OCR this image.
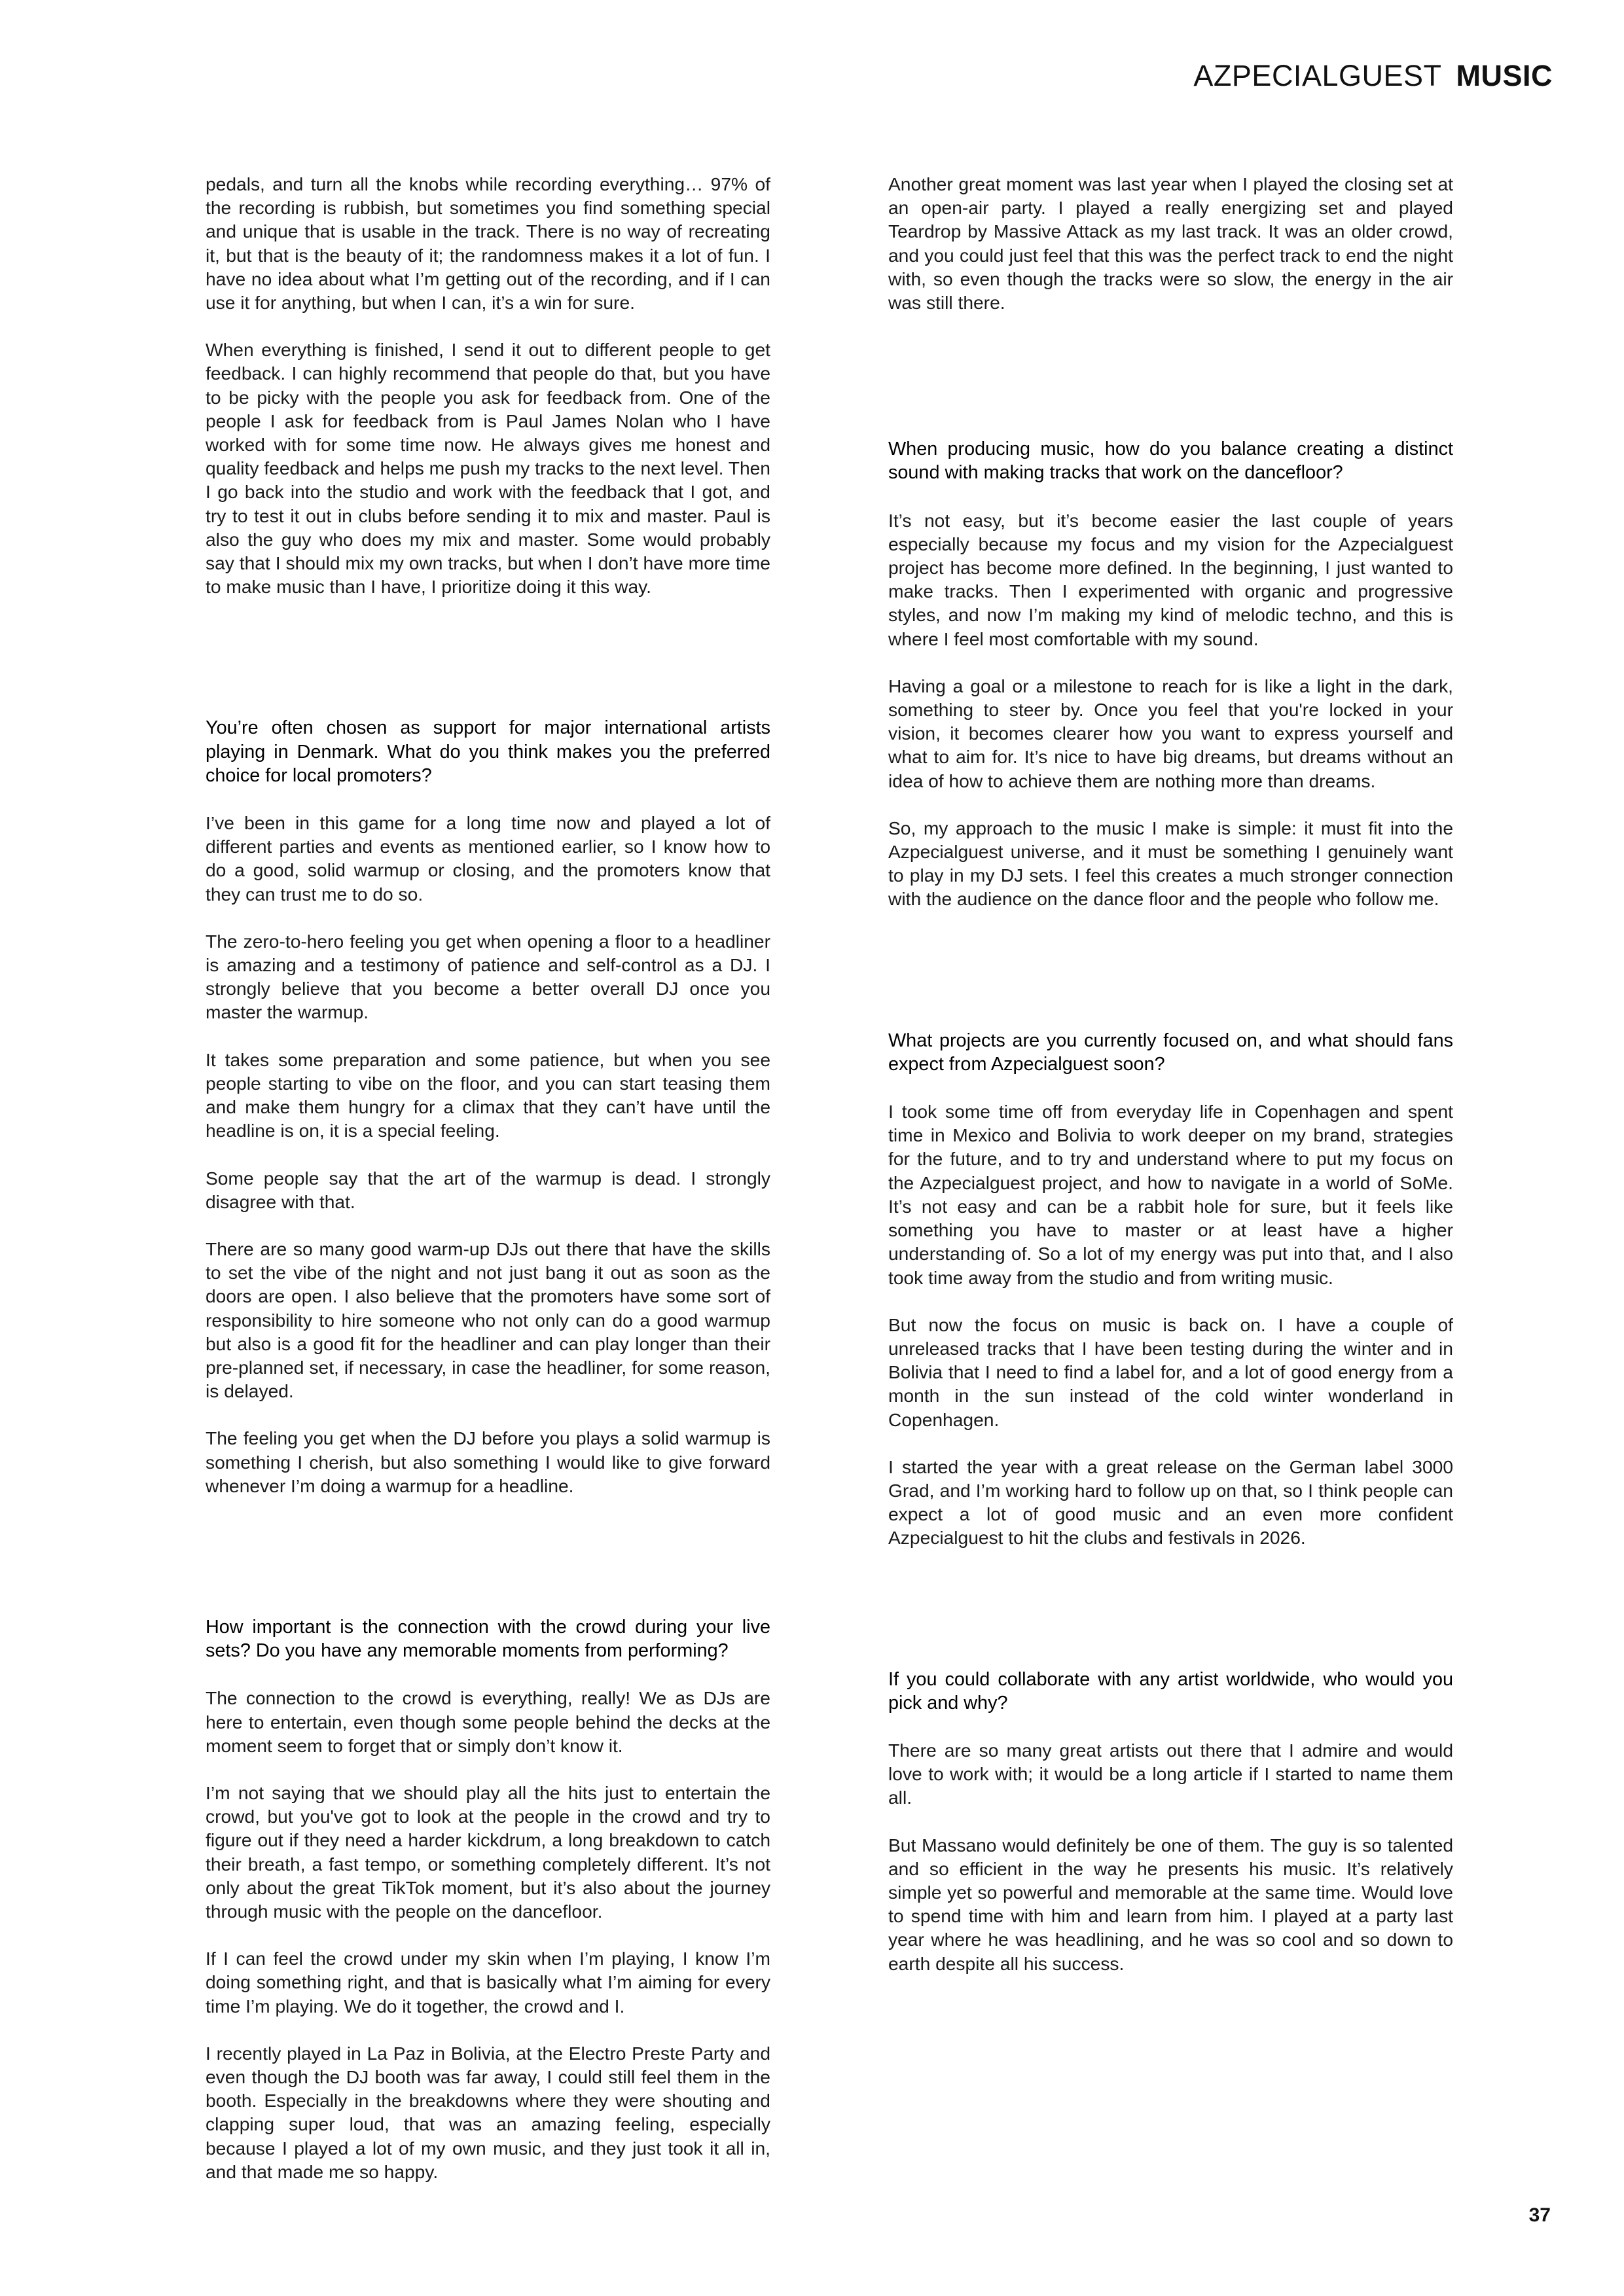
AZPECIALGUEST MUSIC

pedals, and turn all the knobs while recording everything… 97% of the recording is rubbish, but sometimes you find something special and unique that is usable in the track. There is no way of recreating it, but that is the beauty of it; the randomness makes it a lot of fun. I have no idea about what I’m getting out of the recording, and if I can use it for anything, but when I can, it’s a win for sure.

When everything is finished, I send it out to different people to get feedback. I can highly recommend that people do that, but you have to be picky with the people you ask for feedback from. One of the people I ask for feedback from is Paul James Nolan who I have worked with for some time now. He always gives me honest and quality feedback and helps me push my tracks to the next level. Then I go back into the studio and work with the feedback that I got, and try to test it out in clubs before sending it to mix and master. Paul is also the guy who does my mix and master. Some would probably say that I should mix my own tracks, but when I don’t have more time to make music than I have, I prioritize doing it this way.

You’re often chosen as support for major international artists playing in Denmark. What do you think makes you the preferred choice for local promoters?

I’ve been in this game for a long time now and played a lot of different parties and events as mentioned earlier, so I know how to do a good, solid warmup or closing, and the promoters know that they can trust me to do so.

The zero-to-hero feeling you get when opening a floor to a headliner is amazing and a testimony of patience and self-control as a DJ. I strongly believe that you become a better overall DJ once you master the warmup.

It takes some preparation and some patience, but when you see people starting to vibe on the floor, and you can start teasing them and make them hungry for a climax that they can’t have until the headline is on, it is a special feeling.

Some people say that the art of the warmup is dead. I strongly disagree with that.

There are so many good warm-up DJs out there that have the skills to set the vibe of the night and not just bang it out as soon as the doors are open. I also believe that the promoters have some sort of responsibility to hire someone who not only can do a good warmup but also is a good fit for the headliner and can play longer than their pre-planned set, if necessary, in case the headliner, for some reason, is delayed.

The feeling you get when the DJ before you plays a solid warmup is something I cherish, but also something I would like to give forward whenever I’m doing a warmup for a headline.

How important is the connection with the crowd during your live sets? Do you have any memorable moments from performing?

The connection to the crowd is everything, really! We as DJs are here to entertain, even though some people behind the decks at the moment seem to forget that or simply don’t know it.

I’m not saying that we should play all the hits just to entertain the crowd, but you've got to look at the people in the crowd and try to figure out if they need a harder kickdrum, a long breakdown to catch their breath, a fast tempo, or something completely different. It’s not only about the great TikTok moment, but it’s also about the journey through music with the people on the dancefloor.

If I can feel the crowd under my skin when I’m playing, I know I’m doing something right, and that is basically what I’m aiming for every time I’m playing. We do it together, the crowd and I.

I recently played in La Paz in Bolivia, at the Electro Preste Party and even though the DJ booth was far away, I could still feel them in the booth. Especially in the breakdowns where they were shouting and clapping super loud, that was an amazing feeling, especially because I played a lot of my own music, and they just took it all in, and that made me so happy.

Another great moment was last year when I played the closing set at an open-air party. I played a really energizing set and played Teardrop by Massive Attack as my last track. It was an older crowd, and you could just feel that this was the perfect track to end the night with, so even though the tracks were so slow, the energy in the air was still there.

When producing music, how do you balance creating a distinct sound with making tracks that work on the dancefloor?

It’s not easy, but it’s become easier the last couple of years especially because my focus and my vision for the Azpecialguest project has become more defined. In the beginning, I just wanted to make tracks. Then I experimented with organic and progressive styles, and now I’m making my kind of melodic techno, and this is where I feel most comfortable with my sound.

Having a goal or a milestone to reach for is like a light in the dark, something to steer by. Once you feel that you're locked in your vision, it becomes clearer how you want to express yourself and what to aim for. It’s nice to have big dreams, but dreams without an idea of how to achieve them are nothing more than dreams.

So, my approach to the music I make is simple: it must fit into the Azpecialguest universe, and it must be something I genuinely want to play in my DJ sets. I feel this creates a much stronger connection with the audience on the dance floor and the people who follow me.

What projects are you currently focused on, and what should fans expect from Azpecialguest soon?

I took some time off from everyday life in Copenhagen and spent time in Mexico and Bolivia to work deeper on my brand, strategies for the future, and to try and understand where to put my focus on the Azpecialguest project, and how to navigate in a world of SoMe. It’s not easy and can be a rabbit hole for sure, but it feels like something you have to master or at least have a higher understanding of. So a lot of my energy was put into that, and I also took time away from the studio and from writing music.

But now the focus on music is back on. I have a couple of unreleased tracks that I have been testing during the winter and in Bolivia that I need to find a label for, and a lot of good energy from a month in the sun instead of the cold winter wonderland in Copenhagen.

I started the year with a great release on the German label 3000 Grad, and I’m working hard to follow up on that, so I think people can expect a lot of good music and an even more confident Azpecialguest to hit the clubs and festivals in 2026.

If you could collaborate with any artist worldwide, who would you pick and why?

There are so many great artists out there that I admire and would love to work with; it would be a long article if I started to name them all.

But Massano would definitely be one of them. The guy is so talented and so efficient in the way he presents his music. It’s relatively simple yet so powerful and memorable at the same time. Would love to spend time with him and learn from him. I played at a party last year where he was headlining, and he was so cool and so down to earth despite all his success.

37
